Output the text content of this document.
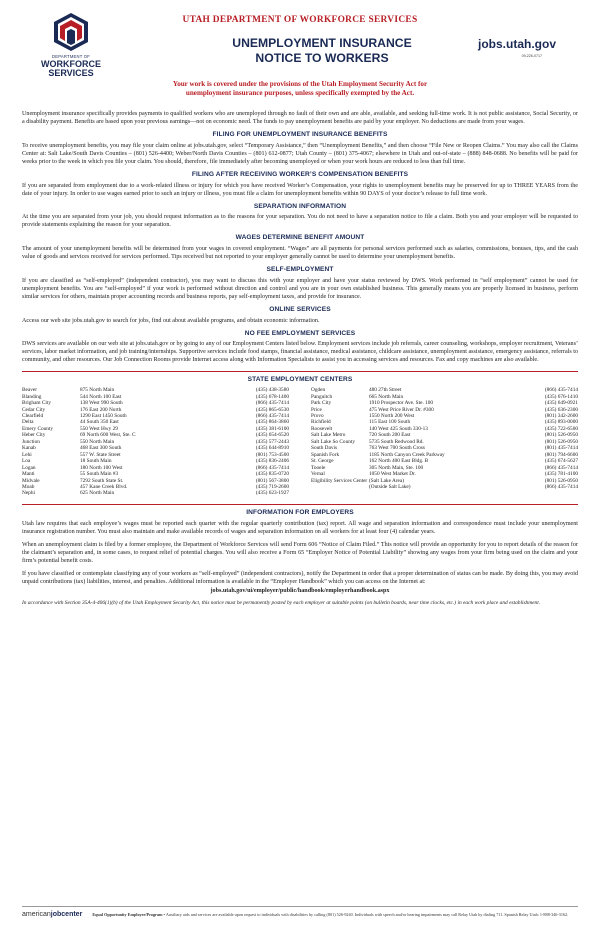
DEPARTMENT OF
WORKFORCE
SERVICES
UTAH DEPARTMENT OF WORKFORCE SERVICES
UNEMPLOYMENT INSURANCE
NOTICE TO WORKERS
jobs.utah.gov
09-226-0717
Your work is covered under the provisions of the Utah Employment Security Act for
unemployment insurance purposes, unless specifically exempted by the Act.

Unemployment insurance specifically provides payments to qualified workers who are unemployed through no fault of their own and are able, available, and seeking full-time work. It is not public assistance, Social Security, or a disability payment. Benefits are based upon your previous earnings—not on economic need. The funds to pay unemployment benefits are paid by your employer. No deductions are made from your wages.

FILING FOR UNEMPLOYMENT INSURANCE BENEFITS

To receive unemployment benefits, you may file your claim online at jobs.utah.gov, select “Temporary Assistance,” then “Unemployment Benefits,” and then choose “File New or Reopen Claims.” You may also call the Claims Center at: Salt Lake/South Davis Counties – (801) 526-4400; Weber/North Davis Counties – (801) 612-0877; Utah County – (801) 375-4067; elsewhere in Utah and out-of-state – (888) 848-0688. No benefits will be paid for weeks prior to the week in which you file your claim. You should, therefore, file immediately after becoming unemployed or when your work hours are reduced to less than full time.

FILING AFTER RECEIVING WORKER’S COMPENSATION BENEFITS

If you are separated from employment due to a work-related illness or injury for which you have received Worker’s Compensation, your rights to unemployment benefits may be preserved for up to THREE YEARS from the date of your injury. In order to use wages earned prior to such an injury or illness, you must file a claim for unemployment benefits within 90 DAYS of your doctor’s release to full time work.

SEPARATION INFORMATION

At the time you are separated from your job, you should request information as to the reasons for your separation. You do not need to have a separation notice to file a claim. Both you and your employer will be requested to provide statements explaining the reason for your separation.

WAGES DETERMINE BENEFIT AMOUNT

The amount of your unemployment benefits will be determined from your wages in covered employment. “Wages” are all payments for personal services performed such as salaries, commissions, bonuses, tips, and the cash value of goods and services received for services performed. Tips received but not reported to your employer generally cannot be used to determine your unemployment benefits.

SELF-EMPLOYMENT

If you are classified as “self-employed” (independent contractor), you may want to discuss this with your employer and have your status reviewed by DWS. Work performed in “self employment” cannot be used for unemployment benefits. You are “self-employed” if your work is performed without direction and control and you are in your own established business. This generally means you are properly licensed in business, perform similar services for others, maintain proper accounting records and business reports, pay self-employment taxes, and provide for insurance.

ONLINE SERVICES

Access our web site jobs.utah.gov to search for jobs, find out about available programs, and obtain economic information.

NO FEE EMPLOYMENT SERVICES

DWS services are available on our web site at jobs.utah.gov or by going to any of our Employment Centers listed below. Employment services include job referrals, career counseling, workshops, employer recruitment, Veterans’ services, labor market information, and job training/internships. Supportive services include food stamps, financial assistance, medical assistance, childcare assistance, unemployment assistance, emergency assistance, referrals to community, and other resources. Our Job Connection Rooms provide Internet access along with Information Specialists to assist you in accessing services and resources. Fax and copy machines are also available.

STATE EMPLOYMENT CENTERS
Beaver	875 North Main	(435) 438-3580
Blanding	544 North 100 East	(435) 678-1400
Brigham City	138 West 990 South	(866) 435-7414
Cedar City	176 East 200 North	(435) 865-6530
Clearfield	1290 East 1450 South	(866) 435-7414
Delta	44 South 350 East	(435) 864-3860
Emery County	550 West Hwy 29	(435) 381-6100
Heber City	69 North 600 West, Ste. C	(435) 654-6520
Junction	550 North Main	(435) 577-2443
Kanab	468 East 300 South	(435) 644-8910
Lehi	557 W. State Street	(801) 753-4500
Loa	18 South Main	(435) 836-2406
Logan	180 North 100 West	(866) 435-7414
Manti	55 South Main #3	(435) 835-0720
Midvale	7292 South State St.	(801) 567-3800
Moab	457 Kane Creek Blvd.	(435) 719-2600
Nephi	625 North Main	(435) 623-1927
Ogden	480 27th Street	(866) 435-7414
Panguitch	665 North Main	(435) 676-1410
Park City	1910 Prospector Ave. Ste. 100	(435) 649-0921
Price	475 West Price River Dr. #300	(435) 636-2300
Provo	1550 North 200 West	(801) 342-2600
Richfield	115 East 100 South	(435) 893-0000
Roosevelt	140 West 425 South 330-13	(435) 722-6500
Salt Lake Metro	720 South 200 East	(801) 526-0950
Salt Lake So County	5735 South Redwood Rd.	(801) 526-0950
South Davis	763 West 700 South Cross	(801) 435-7414
Spanish Fork	1185 North Canyon Creek Parkway	(801) 794-6600
St. George	162 North 400 East Bldg. B	(435) 674-5627
Tooele	305 North Main, Ste. 100	(866) 435-7414
Vernal	1050 West Market Dr.	(435) 781-4100
Eligibility Services Center (Salt Lake Area)	(801) 526-0950
(Outside Salt Lake)	(866) 435-7414
INFORMATION FOR EMPLOYERS

Utah law requires that each employee’s wages must be reported each quarter with the regular quarterly contribution (tax) report. All wage and separation information and correspondence must include your unemployment insurance registration number. You must also maintain and make available records of wages and separation information on all workers for at least four (4) calendar years.

When an unemployment claim is filed by a former employee, the Department of Workforce Services will send Form 606 “Notice of Claim Filed.” This notice will provide an opportunity for you to report details of the reason for the claimant’s separation and, in some cases, to request relief of potential charges. You will also receive a Form 65 “Employer Notice of Potential Liability” showing any wages from your firm being used on the claim and your firm’s potential benefit costs.

If you have classified or contemplate classifying any of your workers as “self-employed” (independent contractors), notify the Department in order that a proper determination of status can be made. By doing this, you may avoid unpaid contributions (tax) liabilities, interest, and penalties. Additional information is available in the “Employer Handbook” which you can access on the Internet at:

jobs.utah.gov/ui/employer/public/handbook/employerhandbook.aspx

In accordance with Section 35A-4-406(1)(b) of the Utah Employment Security Act, this notice must be permanently posted by each employer at suitable points (on bulletin boards, near time clocks, etc.) in each work place and establishment.

americanjobcenter Equal Opportunity Employer/Program • Auxiliary aids and services are available upon request to individuals with disabilities by calling (801) 526-9240. Individuals with speech and/or hearing impairments may call Relay Utah by dialing 711. Spanish Relay Utah: 1-888-346-3162.
